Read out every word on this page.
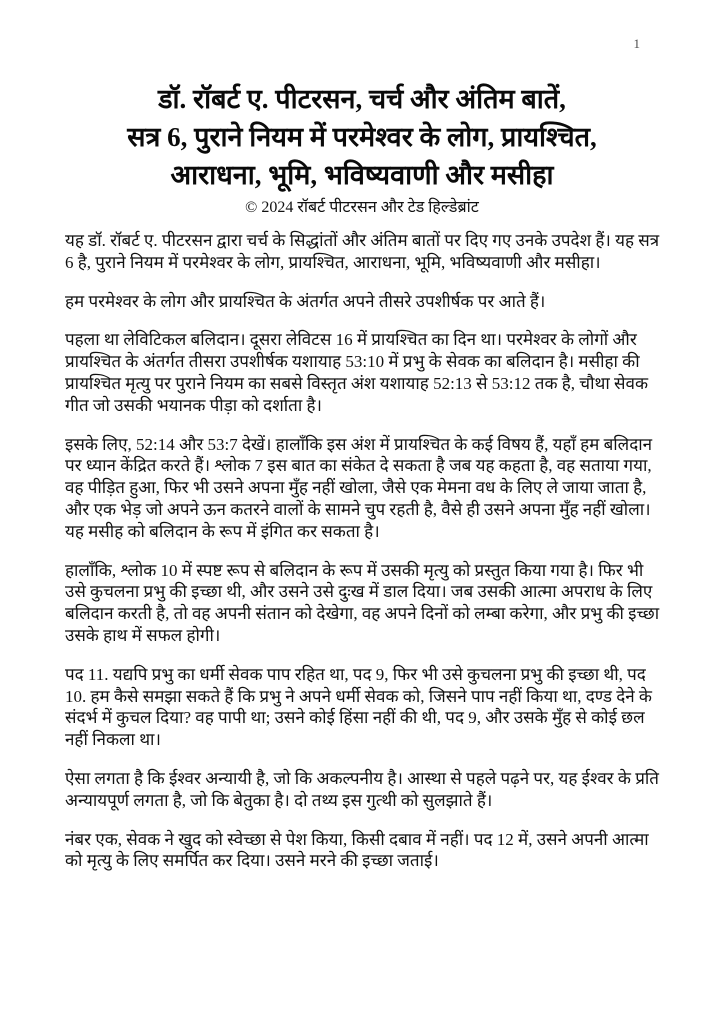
1
डॉ. रॉबर्ट ए. पीटरसन, चर्च और अंतिम बातें,
सत्र 6, पुराने नियम में परमेश्वर के लोग, प्रायश्चित,
आराधना, भूमि, भविष्यवाणी और मसीहा
© 2024 रॉबर्ट पीटरसन और टेड हिल्डेब्रांट

यह डॉ. रॉबर्ट ए. पीटरसन द्वारा चर्च के सिद्धांतों और अंतिम बातों पर दिए गए उनके उपदेश हैं। यह सत्र 6 है, पुराने नियम में परमेश्वर के लोग, प्रायश्चित, आराधना, भूमि, भविष्यवाणी और मसीहा।

हम परमेश्वर के लोग और प्रायश्चित के अंतर्गत अपने तीसरे उपशीर्षक पर आते हैं।

पहला था लेविटिकल बलिदान। दूसरा लेविटस 16 में प्रायश्चित का दिन था। परमेश्वर के लोगों और प्रायश्चित के अंतर्गत तीसरा उपशीर्षक यशायाह 53:10 में प्रभु के सेवक का बलिदान है। मसीहा की प्रायश्चित मृत्यु पर पुराने नियम का सबसे विस्तृत अंश यशायाह 52:13 से 53:12 तक है, चौथा सेवक गीत जो उसकी भयानक पीड़ा को दर्शाता है।

इसके लिए, 52:14 और 53:7 देखें। हालाँकि इस अंश में प्रायश्चित के कई विषय हैं, यहाँ हम बलिदान पर ध्यान केंद्रित करते हैं। श्लोक 7 इस बात का संकेत दे सकता है जब यह कहता है, वह सताया गया, वह पीड़ित हुआ, फिर भी उसने अपना मुँह नहीं खोला, जैसे एक मेमना वध के लिए ले जाया जाता है, और एक भेड़ जो अपने ऊन कतरने वालों के सामने चुप रहती है, वैसे ही उसने अपना मुँह नहीं खोला। यह मसीह को बलिदान के रूप में इंगित कर सकता है।

हालाँकि, श्लोक 10 में स्पष्ट रूप से बलिदान के रूप में उसकी मृत्यु को प्रस्तुत किया गया है। फिर भी उसे कुचलना प्रभु की इच्छा थी, और उसने उसे दुःख में डाल दिया। जब उसकी आत्मा अपराध के लिए बलिदान करती है, तो वह अपनी संतान को देखेगा, वह अपने दिनों को लम्बा करेगा, और प्रभु की इच्छा उसके हाथ में सफल होगी।

पद 11. यद्यपि प्रभु का धर्मी सेवक पाप रहित था, पद 9, फिर भी उसे कुचलना प्रभु की इच्छा थी, पद 10. हम कैसे समझा सकते हैं कि प्रभु ने अपने धर्मी सेवक को, जिसने पाप नहीं किया था, दण्ड देने के संदर्भ में कुचल दिया? वह पापी था; उसने कोई हिंसा नहीं की थी, पद 9, और उसके मुँह से कोई छल नहीं निकला था।

ऐसा लगता है कि ईश्वर अन्यायी है, जो कि अकल्पनीय है। आस्था से पहले पढ़ने पर, यह ईश्वर के प्रति अन्यायपूर्ण लगता है, जो कि बेतुका है। दो तथ्य इस गुत्थी को सुलझाते हैं।

नंबर एक, सेवक ने खुद को स्वेच्छा से पेश किया, किसी दबाव में नहीं। पद 12 में, उसने अपनी आत्मा को मृत्यु के लिए समर्पित कर दिया। उसने मरने की इच्छा जताई।
